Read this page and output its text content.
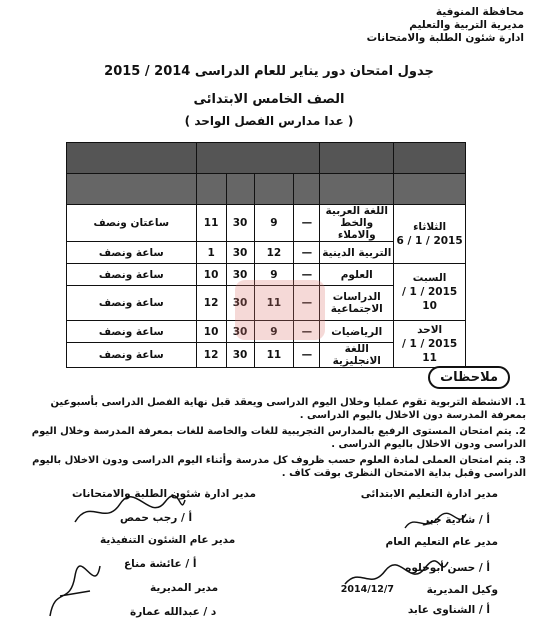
محافظة المنوفية
مديرية التربية والتعليم
ادارة شئون الطلبة والامتحانات
جدول امتحان دور يناير للعام الدراسى 2014 / 2015
الصف الخامس الابتدائى
( عدا مدارس الفصل الواحد )

الثلاثاء
2015 / 1 / 6	اللغة العربية والخط والاملاء	—	9	30	11	ساعتان ونصف
	التربية الدينية	—	12	30	1	ساعة ونصف

السبت
2015 / 1 / 10	العلوم	—	9	30	10	ساعة ونصف
	الدراسات الاجتماعية	—	11	30	12	ساعة ونصف

الاحد
2015 / 1 / 11	الرياضيات	—	9	30	10	ساعة ونصف
	اللغة الانجليزية	—	11	30	12	ساعة ونصف
ملاحظات

1. الانشطة التربوية تقوم عمليا وخلال اليوم الدراسى ويعقد قبل نهاية الفصل الدراسى بأسبوعين بمعرفة المدرسة دون الاخلال باليوم الدراسى .

2. يتم امتحان المستوى الرفيع بالمدارس التجريبية للغات والخاصة للغات بمعرفة المدرسة وخلال اليوم الدراسى ودون الاخلال باليوم الدراسى .

3. يتم امتحان العملى لمادة العلوم حسب ظروف كل مدرسة وأثناء اليوم الدراسى ودون الاخلال باليوم الدراسى وقبل بداية الامتحان النظرى بوقت كاف .

مدير ادارة التعليم الابتدائى
أ / شادية جبر
مدير عام التعليم العام
أ / حسن أبوحلوه
وكيل المديرية
2014/12/7
أ / الشناوى عابد
مدير ادارة شئون الطلبة والامتحانات
أ / رجب حمص
مدير عام الشئون التنفيذية
أ / عائشة مناع
مدير المديرية
د / عبدالله عمارة
